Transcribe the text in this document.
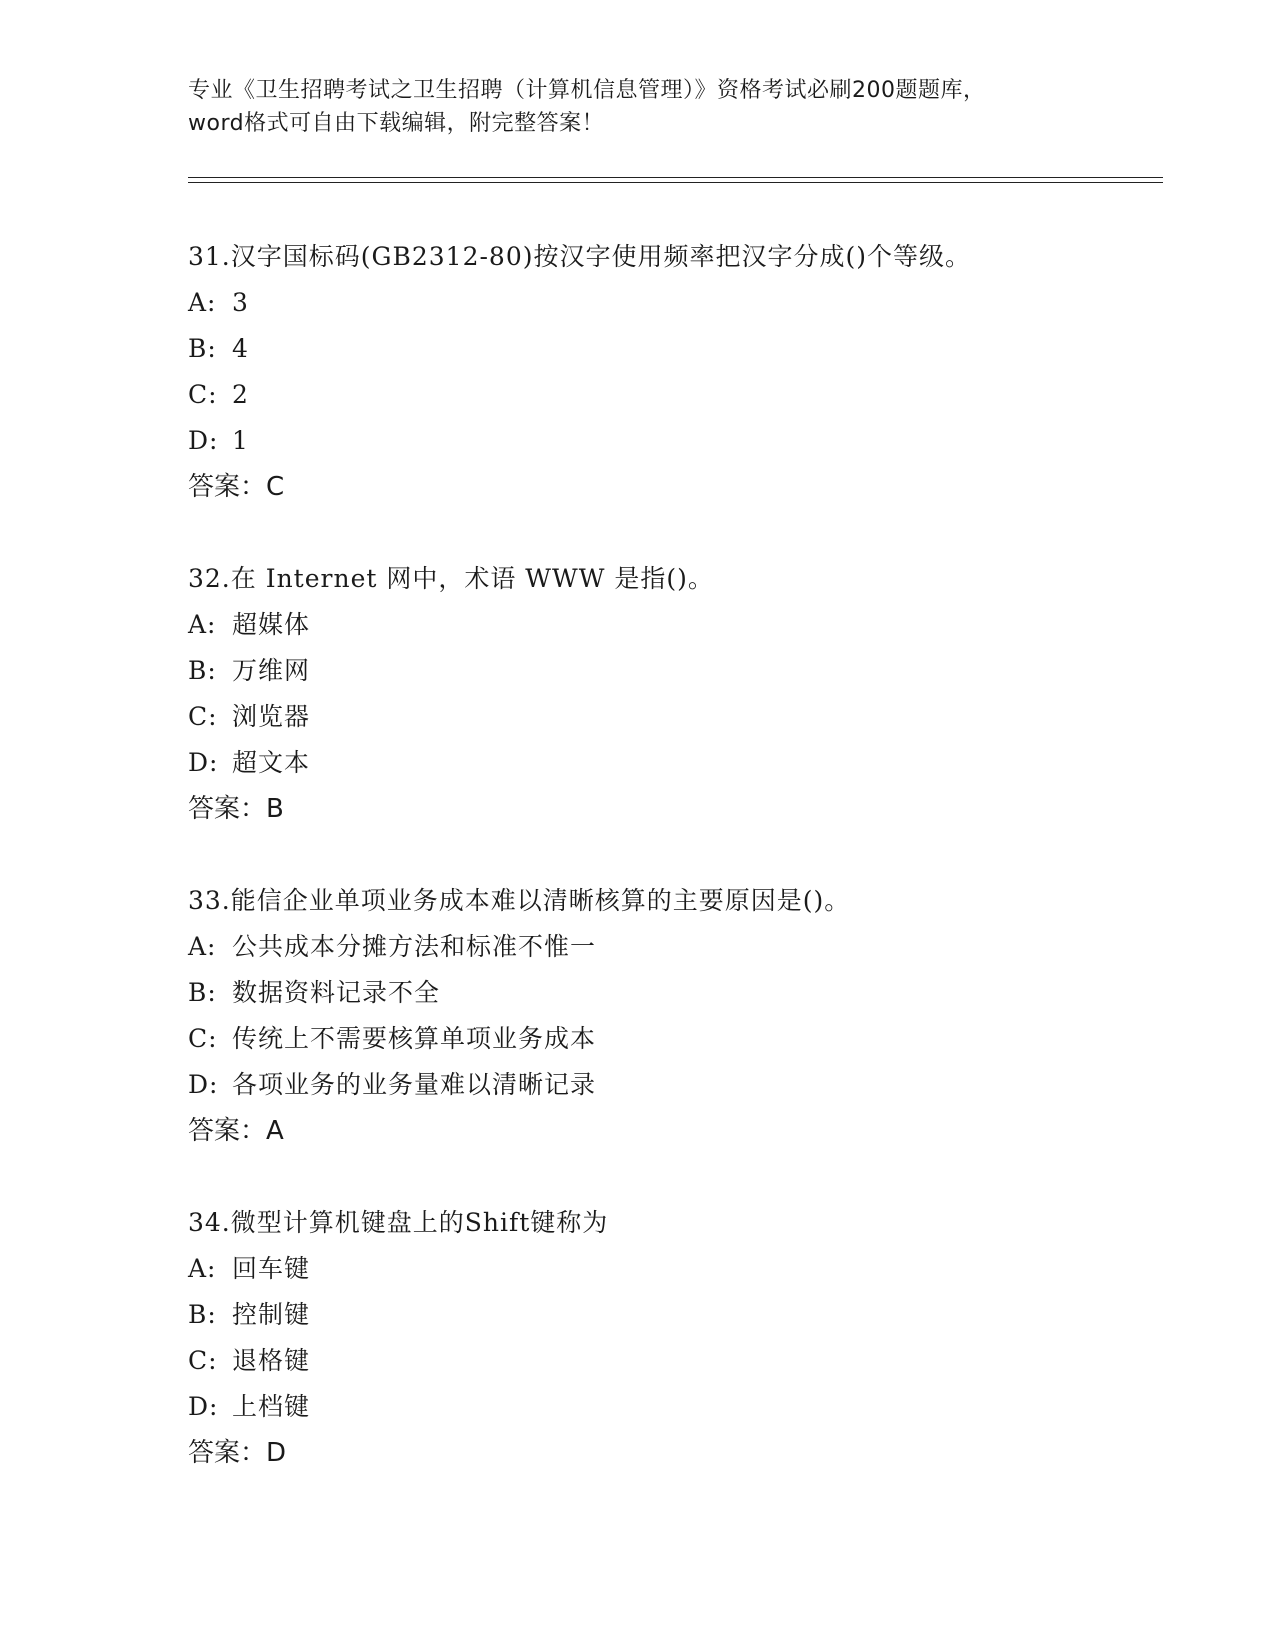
专业《卫生招聘考试之卫生招聘（计算机信息管理）》资格考试必刷200题题库，
word格式可自由下载编辑，附完整答案！
31.汉字国标码(GB2312-80)按汉字使用频率把汉字分成()个等级。
A: 3
B: 4
C: 2
D: 1
答案：C
32.在 Internet 网中，术语 WWW 是指()。
A: 超媒体
B: 万维网
C: 浏览器
D: 超文本
答案：B
33.能信企业单项业务成本难以清晰核算的主要原因是()。
A: 公共成本分摊方法和标准不惟一
B: 数据资料记录不全
C: 传统上不需要核算单项业务成本
D: 各项业务的业务量难以清晰记录
答案：A
34.微型计算机键盘上的Shift键称为
A: 回车键
B: 控制键
C: 退格键
D: 上档键
答案：D
